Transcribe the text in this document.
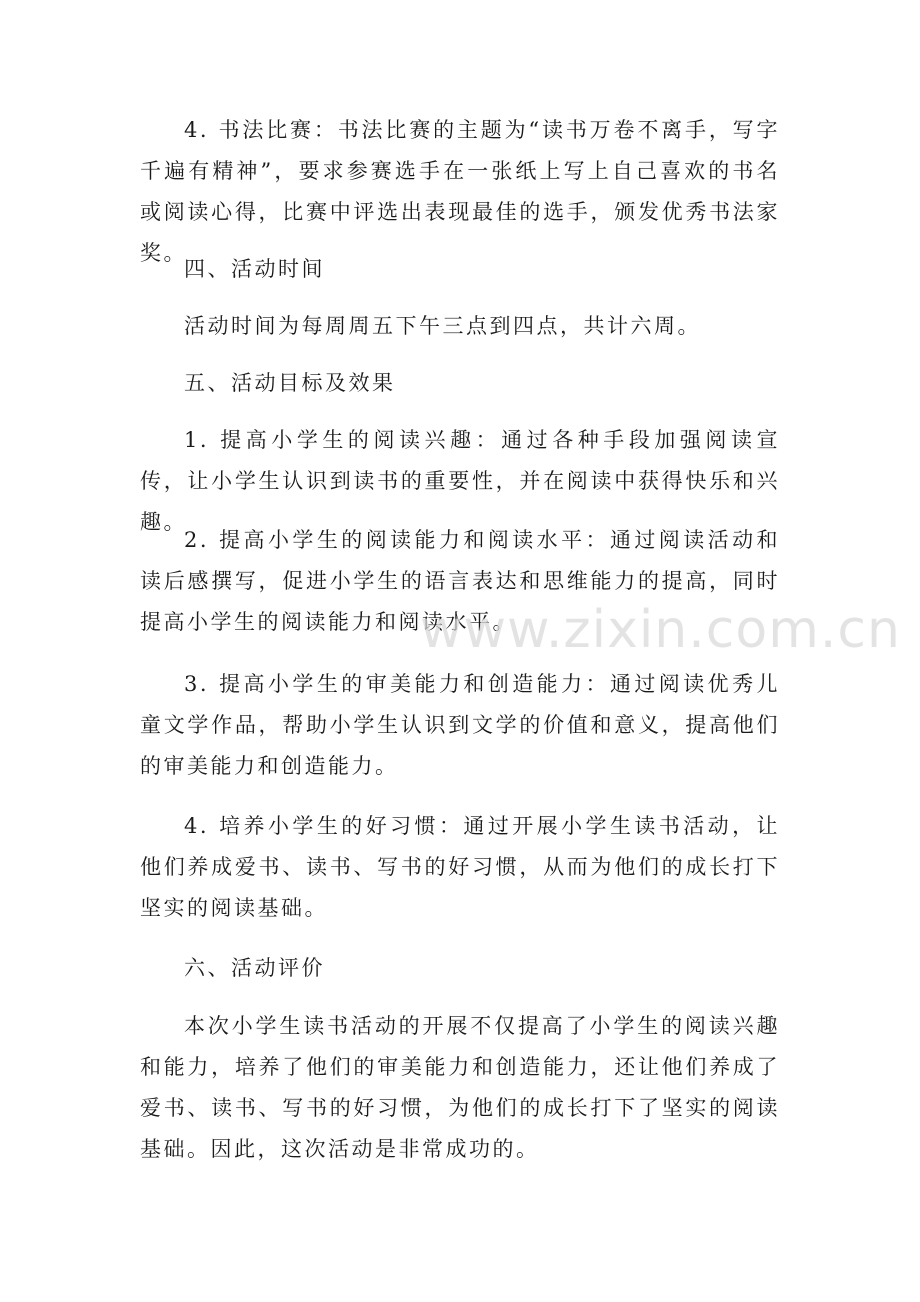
4. 书法比赛：书法比赛的主题为“读书万卷不离手，写字千遍有精神”，要求参赛选手在一张纸上写上自己喜欢的书名或阅读心得，比赛中评选出表现最佳的选手，颁发优秀书法家奖。

四、活动时间

活动时间为每周周五下午三点到四点，共计六周。

五、活动目标及效果

1. 提高小学生的阅读兴趣：通过各种手段加强阅读宣传，让小学生认识到读书的重要性，并在阅读中获得快乐和兴趣。

2. 提高小学生的阅读能力和阅读水平：通过阅读活动和读后感撰写，促进小学生的语言表达和思维能力的提高，同时提高小学生的阅读能力和阅读水平。

3. 提高小学生的审美能力和创造能力：通过阅读优秀儿童文学作品，帮助小学生认识到文学的价值和意义，提高他们的审美能力和创造能力。

4. 培养小学生的好习惯：通过开展小学生读书活动，让他们养成爱书、读书、写书的好习惯，从而为他们的成长打下坚实的阅读基础。

六、活动评价

本次小学生读书活动的开展不仅提高了小学生的阅读兴趣和能力，培养了他们的审美能力和创造能力，还让他们养成了爱书、读书、写书的好习惯，为他们的成长打下了坚实的阅读基础。因此，这次活动是非常成功的。

www.zixin.com.cn
